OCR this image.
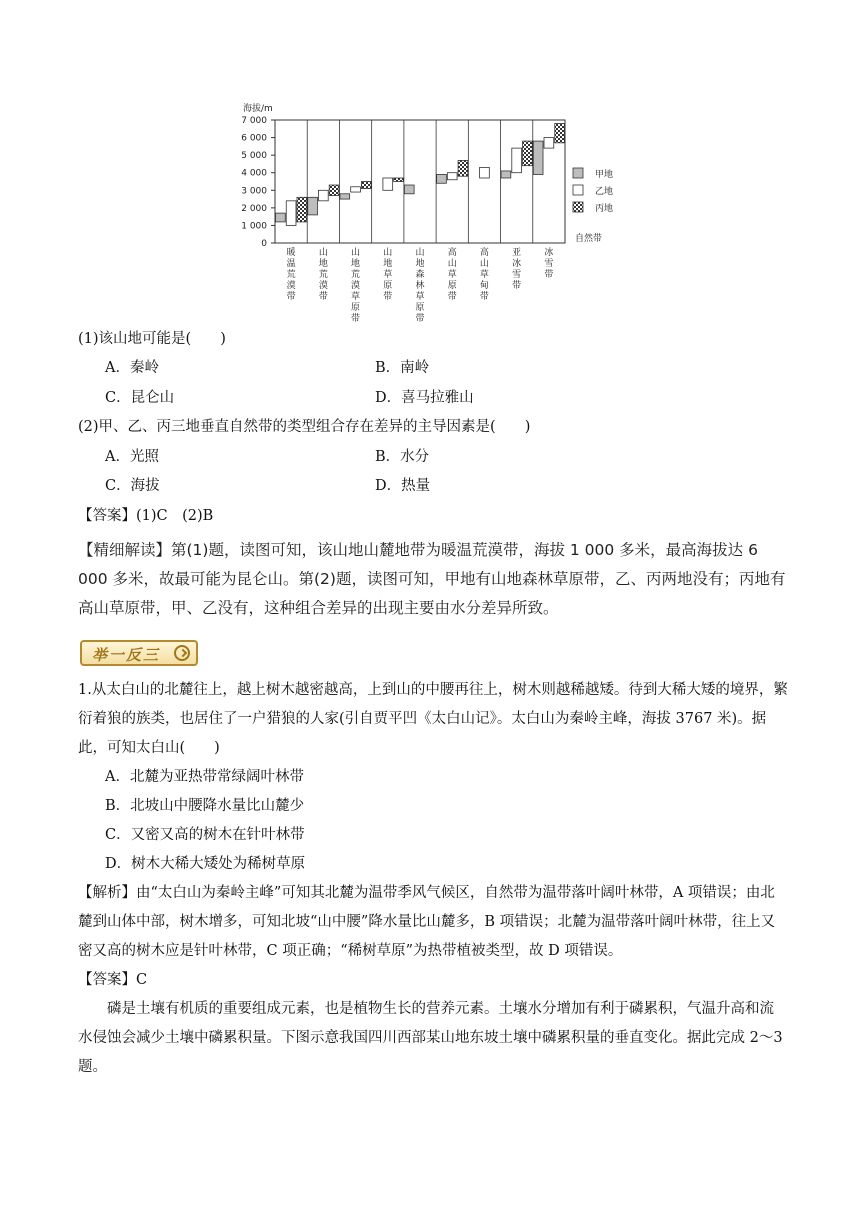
海拔/m
0
1 000
2 000
3 000
4 000
5 000
6 000
7 000
暖温荒漠带
山地荒漠带
山地荒漠草原带
山地草原带
山地森林草原带
高山草原带
高山草甸带
亚冰雪带
冰雪带
甲地
乙地
丙地
自然带
(1)该山地可能是(　　)
A．秦岭	B．南岭
C．昆仑山	D．喜马拉雅山
(2)甲、乙、丙三地垂直自然带的类型组合存在差异的主导因素是(　　)
A．光照	B．水分
C．海拔	D．热量
【答案】(1)C　(2)B
【精细解读】第(1)题，读图可知，该山地山麓地带为暖温荒漠带，海拔 1 000 多米，最高海拔达 6 000 多米，故最可能为昆仑山。第(2)题，读图可知，甲地有山地森林草原带，乙、丙两地没有；丙地有高山草原带，甲、乙没有，这种组合差异的出现主要由水分差异所致。
举一反三
1.从太白山的北麓往上，越上树木越密越高，上到山的中腰再往上，树木则越稀越矮。待到大稀大矮的境界，繁衍着狼的族类，也居住了一户猎狼的人家(引自贾平凹《太白山记》。太白山为秦岭主峰，海拔 3767 米)。据此，可知太白山(　　)
A．北麓为亚热带常绿阔叶林带
B．北坡山中腰降水量比山麓少
C．又密又高的树木在针叶林带
D．树木大稀大矮处为稀树草原
【解析】由“太白山为秦岭主峰”可知其北麓为温带季风气候区，自然带为温带落叶阔叶林带，A 项错误；由北麓到山体中部，树木增多，可知北坡“山中腰”降水量比山麓多，B 项错误；北麓为温带落叶阔叶林带，往上又密又高的树木应是针叶林带，C 项正确；“稀树草原”为热带植被类型，故 D 项错误。
【答案】C
磷是土壤有机质的重要组成元素，也是植物生长的营养元素。土壤水分增加有利于磷累积，气温升高和流水侵蚀会减少土壤中磷累积量。下图示意我国四川西部某山地东坡土壤中磷累积量的垂直变化。据此完成 2～3 题。
